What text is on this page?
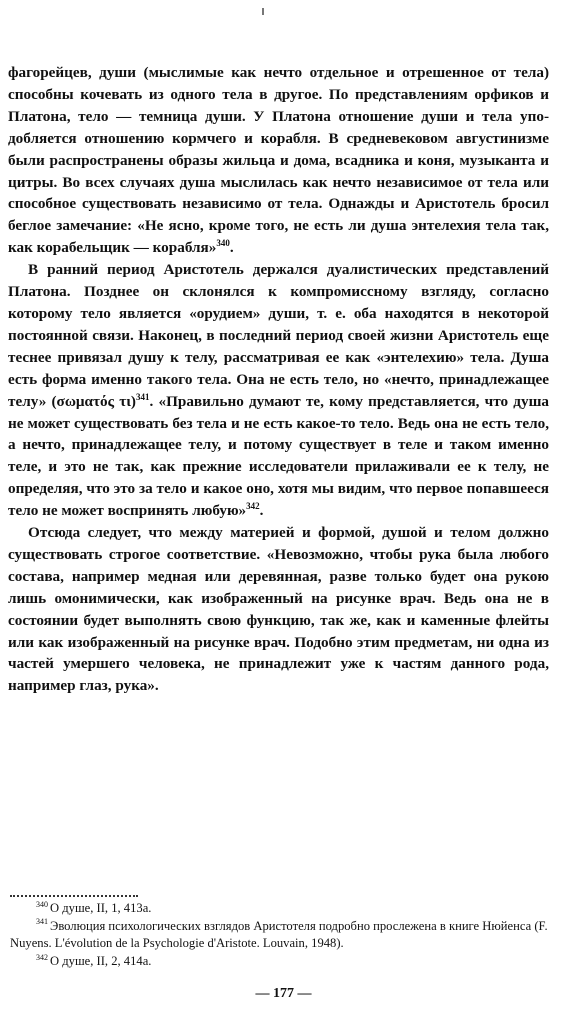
фагорейцев, души (мыслимые как нечто отдельное и отрешенное от тела) способны кочевать из одного тела в другое. По представлениям орфиков и Платона, тело — темница души. У Платона отношение души и тела уподобляется отношению кормчего и корабля. В средневековом августинизме были распространены образы жильца и дома, всадника и коня, музыканта и цитры. Во всех случаях душа мыслилась как нечто независимое от тела или способное существовать независимо от тела. Однажды и Аристотель бросил беглое замечание: «Не ясно, кроме того, не есть ли душа энтелехия тела так, как корабельщик — корабля»$^{340}$.

В ранний период Аристотель держался дуалистических представлений Платона. Позднее он склонялся к компромиссному взгляду, согласно которому тело является «орудием» души, т. е. оба находятся в некоторой постоянной связи. Наконец, в последний период своей жизни Аристотель еще теснее привязал душу к телу, рассматривая ее как «энтелехию» тела. Душа есть форма именно такого тела. Она не есть тело, но «нечто, принадлежащее телу» (σωματός τι)$^{341}$. «Правильно думают те, кому представляется, что душа не может существовать без тела и не есть какое-то тело. Ведь она не есть тело, а нечто, принадлежащее телу, и потому существует в теле и таком именно теле, и это не так, как прежние исследователи прилаживали ее к телу, не определяя, что это за тело и какое оно, хотя мы видим, что первое попавшееся тело не может воспринять любую»$^{342}$.

Отсюда следует, что между материей и формой, душой и телом должно существовать строгое соответствие. «Невозможно, чтобы рука была любого состава, например медная или деревянная, разве только будет она рукою лишь омонимически, как изображенный на рисунке врач. Ведь она не в состоянии будет выполнять свою функцию, так же, как и каменные флейты или как изображенный на рисунке врач. Подобно этим предметам, ни одна из частей умершего человека, не принадлежит уже к частям данного рода, например глаз, рука».

$^{340}$ О душе, II, 1, 413a.

$^{341}$ Эволюция психологических взглядов Аристотеля подробно прослежена в книге Нюйенса (F. Nuyens. L'évolution de la Psychologie d'Aristote. Louvain, 1948).

$^{342}$ О душе, II, 2, 414a.

— 177 —
